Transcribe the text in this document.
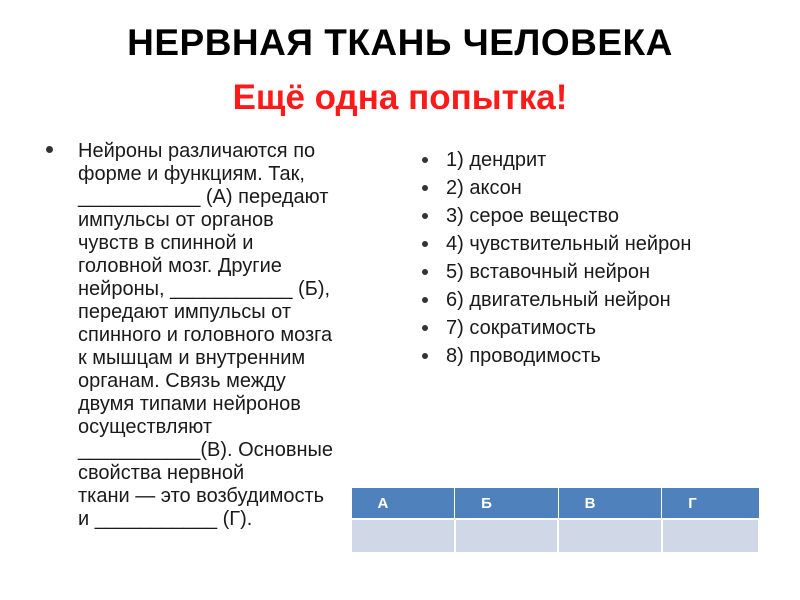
НЕРВНАЯ ТКАНЬ ЧЕЛОВЕКА
Ещё одна попытка!
Нейроны различаются по
форме и функциям. Так,
___________ (А) передают
импульсы от органов
чувств в спинной и
головной мозг. Другие
нейроны, ___________ (Б),
передают импульсы от
спинного и головного мозга
к мышцам и внутренним
органам. Связь между
двумя типами нейронов
осуществляют
___________(В). Основные
свойства нервной
ткани — это возбудимость
и ___________ (Г).
1) дендрит
2) аксон
3) серое вещество
4) чувствительный нейрон
5) вставочный нейрон
6) двигательный нейрон
7) сократимость
8) проводимость
А	Б	В	Г
